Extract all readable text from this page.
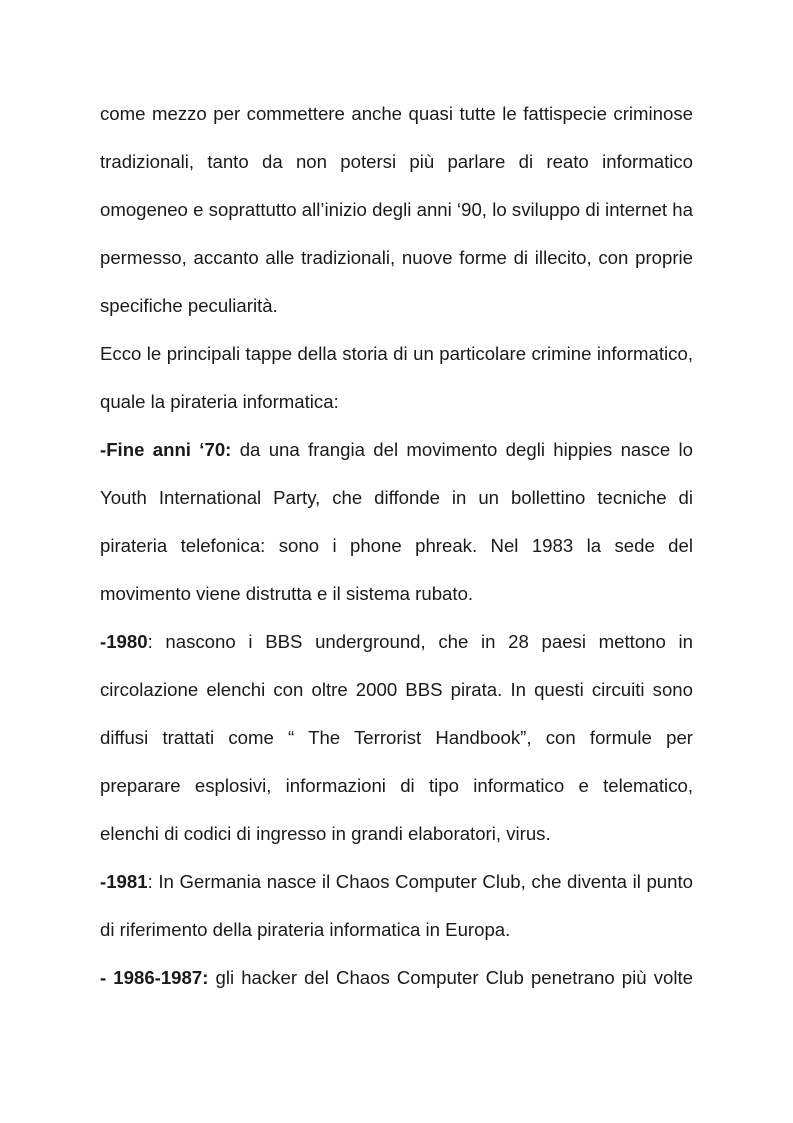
come mezzo per commettere anche quasi tutte le fattispecie criminose tradizionali, tanto da non potersi più parlare di reato informatico omogeneo e soprattutto all’inizio degli anni ‘90, lo sviluppo di internet ha permesso, accanto alle tradizionali, nuove forme di illecito, con proprie specifiche peculiarità.

Ecco le principali tappe della storia di un particolare crimine informatico, quale la pirateria informatica:

-Fine anni ‘70: da una frangia del movimento degli hippies nasce lo Youth International Party, che diffonde in un bollettino tecniche di pirateria telefonica: sono i phone phreak. Nel 1983 la sede del movimento viene distrutta e il sistema rubato.

-1980: nascono i BBS underground, che in 28 paesi mettono in circolazione elenchi con oltre 2000 BBS pirata. In questi circuiti sono diffusi trattati come “ The Terrorist Handbook”, con formule per preparare esplosivi, informazioni di tipo informatico e telematico, elenchi di codici di ingresso in grandi elaboratori, virus.

-1981: In Germania nasce il Chaos Computer Club, che diventa il punto di riferimento della pirateria informatica in Europa.

- 1986-1987: gli hacker del Chaos Computer Club penetrano più volte
